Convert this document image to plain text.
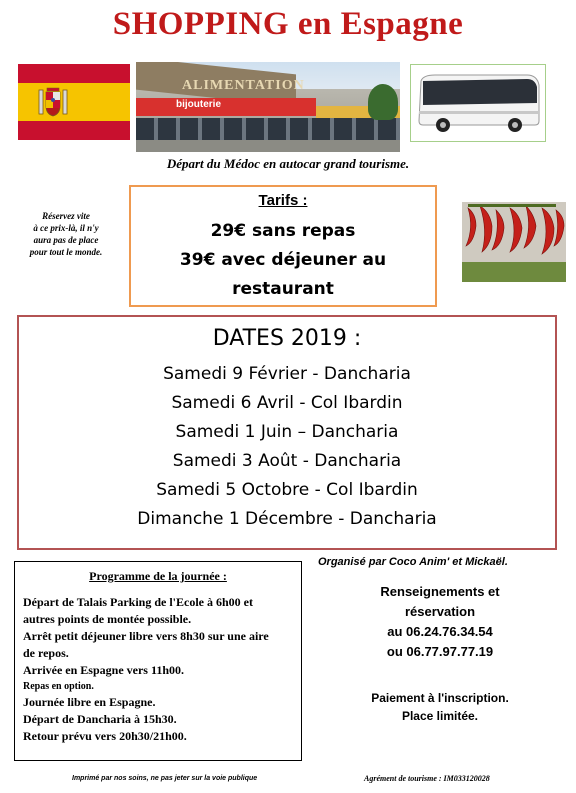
SHOPPING en Espagne
ALIMENTATION
bijouterie
Départ du Médoc en autocar grand tourisme.
Réservez vite
à ce prix-là, il n'y
aura pas de place
pour tout le monde.
Tarifs :
29€ sans repas
39€ avec déjeuner au
restaurant
DATES 2019 :
Samedi 9 Février - Dancharia
Samedi 6 Avril - Col Ibardin
Samedi 1 Juin – Dancharia
Samedi 3 Août - Dancharia
Samedi 5 Octobre - Col Ibardin
Dimanche 1 Décembre - Dancharia
Organisé par Coco Anim' et Mickaël.
Programme de la journée :
Départ de Talais Parking de l'Ecole à 6h00 et
autres points de montée possible.
Arrêt petit déjeuner libre vers 8h30 sur une aire
de repos.
Arrivée en Espagne vers 11h00.
Repas en option.
Journée libre en Espagne.
Départ de Dancharia à 15h30.
Retour prévu vers 20h30/21h00.
Renseignements et
réservation
au 06.24.76.34.54
ou 06.77.97.77.19
Paiement à l'inscription.
Place limitée.
Imprimé par nos soins, ne pas jeter sur la voie publique	Agrément de tourisme : IM033120028
